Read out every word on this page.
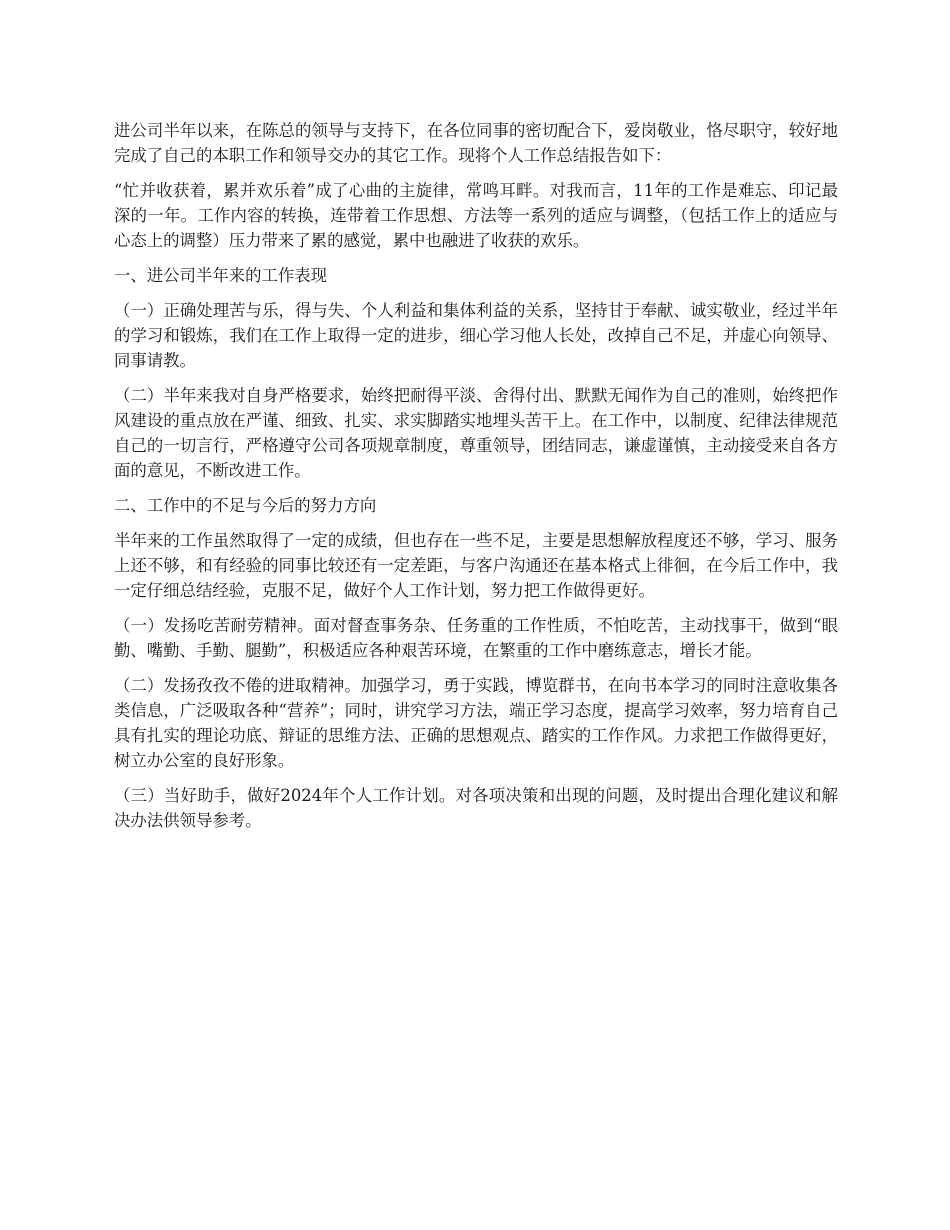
进公司半年以来，在陈总的领导与支持下，在各位同事的密切配合下，爱岗敬业，恪尽职守，较好地完成了自己的本职工作和领导交办的其它工作。现将个人工作总结报告如下：

“忙并收获着，累并欢乐着”成了心曲的主旋律，常鸣耳畔。对我而言，11年的工作是难忘、印记最深的一年。工作内容的转换，连带着工作思想、方法等一系列的适应与调整，（包括工作上的适应与心态上的调整）压力带来了累的感觉，累中也融进了收获的欢乐。

一、进公司半年来的工作表现

（一）正确处理苦与乐，得与失、个人利益和集体利益的关系，坚持甘于奉献、诚实敬业，经过半年的学习和锻炼，我们在工作上取得一定的进步，细心学习他人长处，改掉自己不足，并虚心向领导、同事请教。

（二）半年来我对自身严格要求，始终把耐得平淡、舍得付出、默默无闻作为自己的准则，始终把作风建设的重点放在严谨、细致、扎实、求实脚踏实地埋头苦干上。在工作中，以制度、纪律法律规范自己的一切言行，严格遵守公司各项规章制度，尊重领导，团结同志，谦虚谨慎，主动接受来自各方面的意见，不断改进工作。

二、工作中的不足与今后的努力方向

半年来的工作虽然取得了一定的成绩，但也存在一些不足，主要是思想解放程度还不够，学习、服务上还不够，和有经验的同事比较还有一定差距，与客户沟通还在基本格式上徘徊，在今后工作中，我一定仔细总结经验，克服不足，做好个人工作计划，努力把工作做得更好。

（一）发扬吃苦耐劳精神。面对督查事务杂、任务重的工作性质，不怕吃苦，主动找事干，做到“眼勤、嘴勤、手勤、腿勤”，积极适应各种艰苦环境，在繁重的工作中磨练意志，增长才能。

（二）发扬孜孜不倦的进取精神。加强学习，勇于实践，博览群书，在向书本学习的同时注意收集各类信息，广泛吸取各种“营养”；同时，讲究学习方法，端正学习态度，提高学习效率，努力培育自己具有扎实的理论功底、辩证的思维方法、正确的思想观点、踏实的工作作风。力求把工作做得更好，树立办公室的良好形象。

（三）当好助手，做好2024年个人工作计划。对各项决策和出现的问题，及时提出合理化建议和解决办法供领导参考。
